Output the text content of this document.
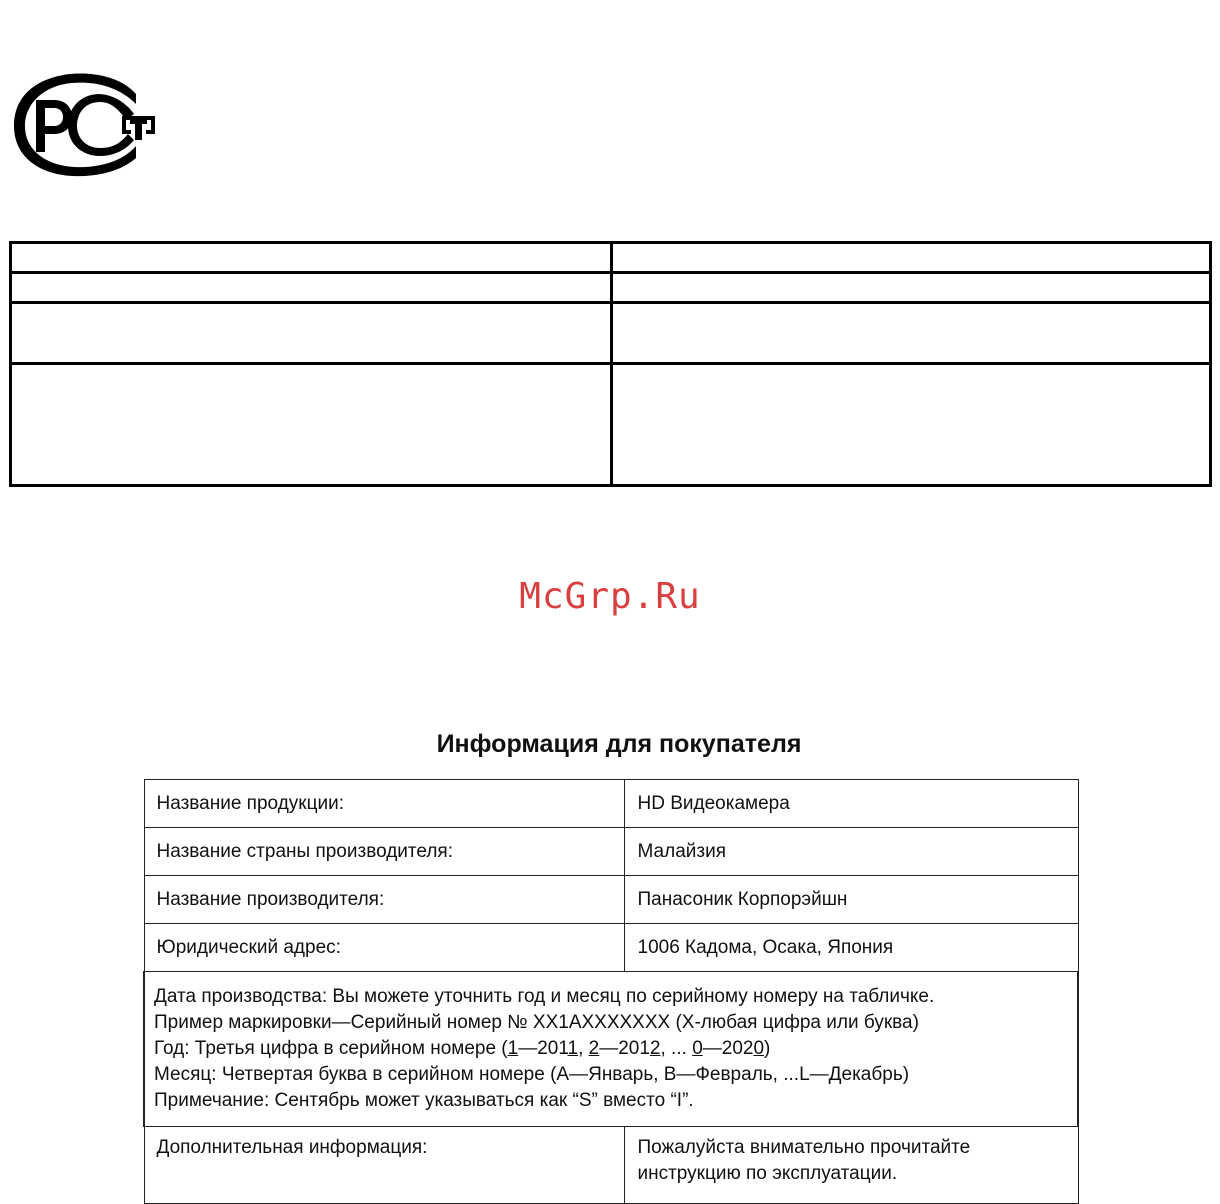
McGrp.Ru
Информация для покупателя
Название продукции:	HD Видеокамера
Название страны производителя:	Малайзия
Название производителя:	Панасоник Корпорэйшн
Юридический адрес:	1006 Кадома, Осака, Япония

Дата производства: Вы можете уточнить год и месяц по серийному номеру на табличке.
Пример маркировки—Серийный номер № XX1AXXXXXXX (X-любая цифра или буква)
Год: Третья цифра в серийном номере (1—2011, 2—2012, ... 0—2020)
Месяц: Четвертая буква в серийном номере (A—Январь, B—Февраль, ...L—Декабрь)
Примечание: Сентябрь может указываться как “S” вместо “I”.	

Дополнительная информация:	Пожалуйста внимательно прочитайте
инструкцию по эксплуатации.
